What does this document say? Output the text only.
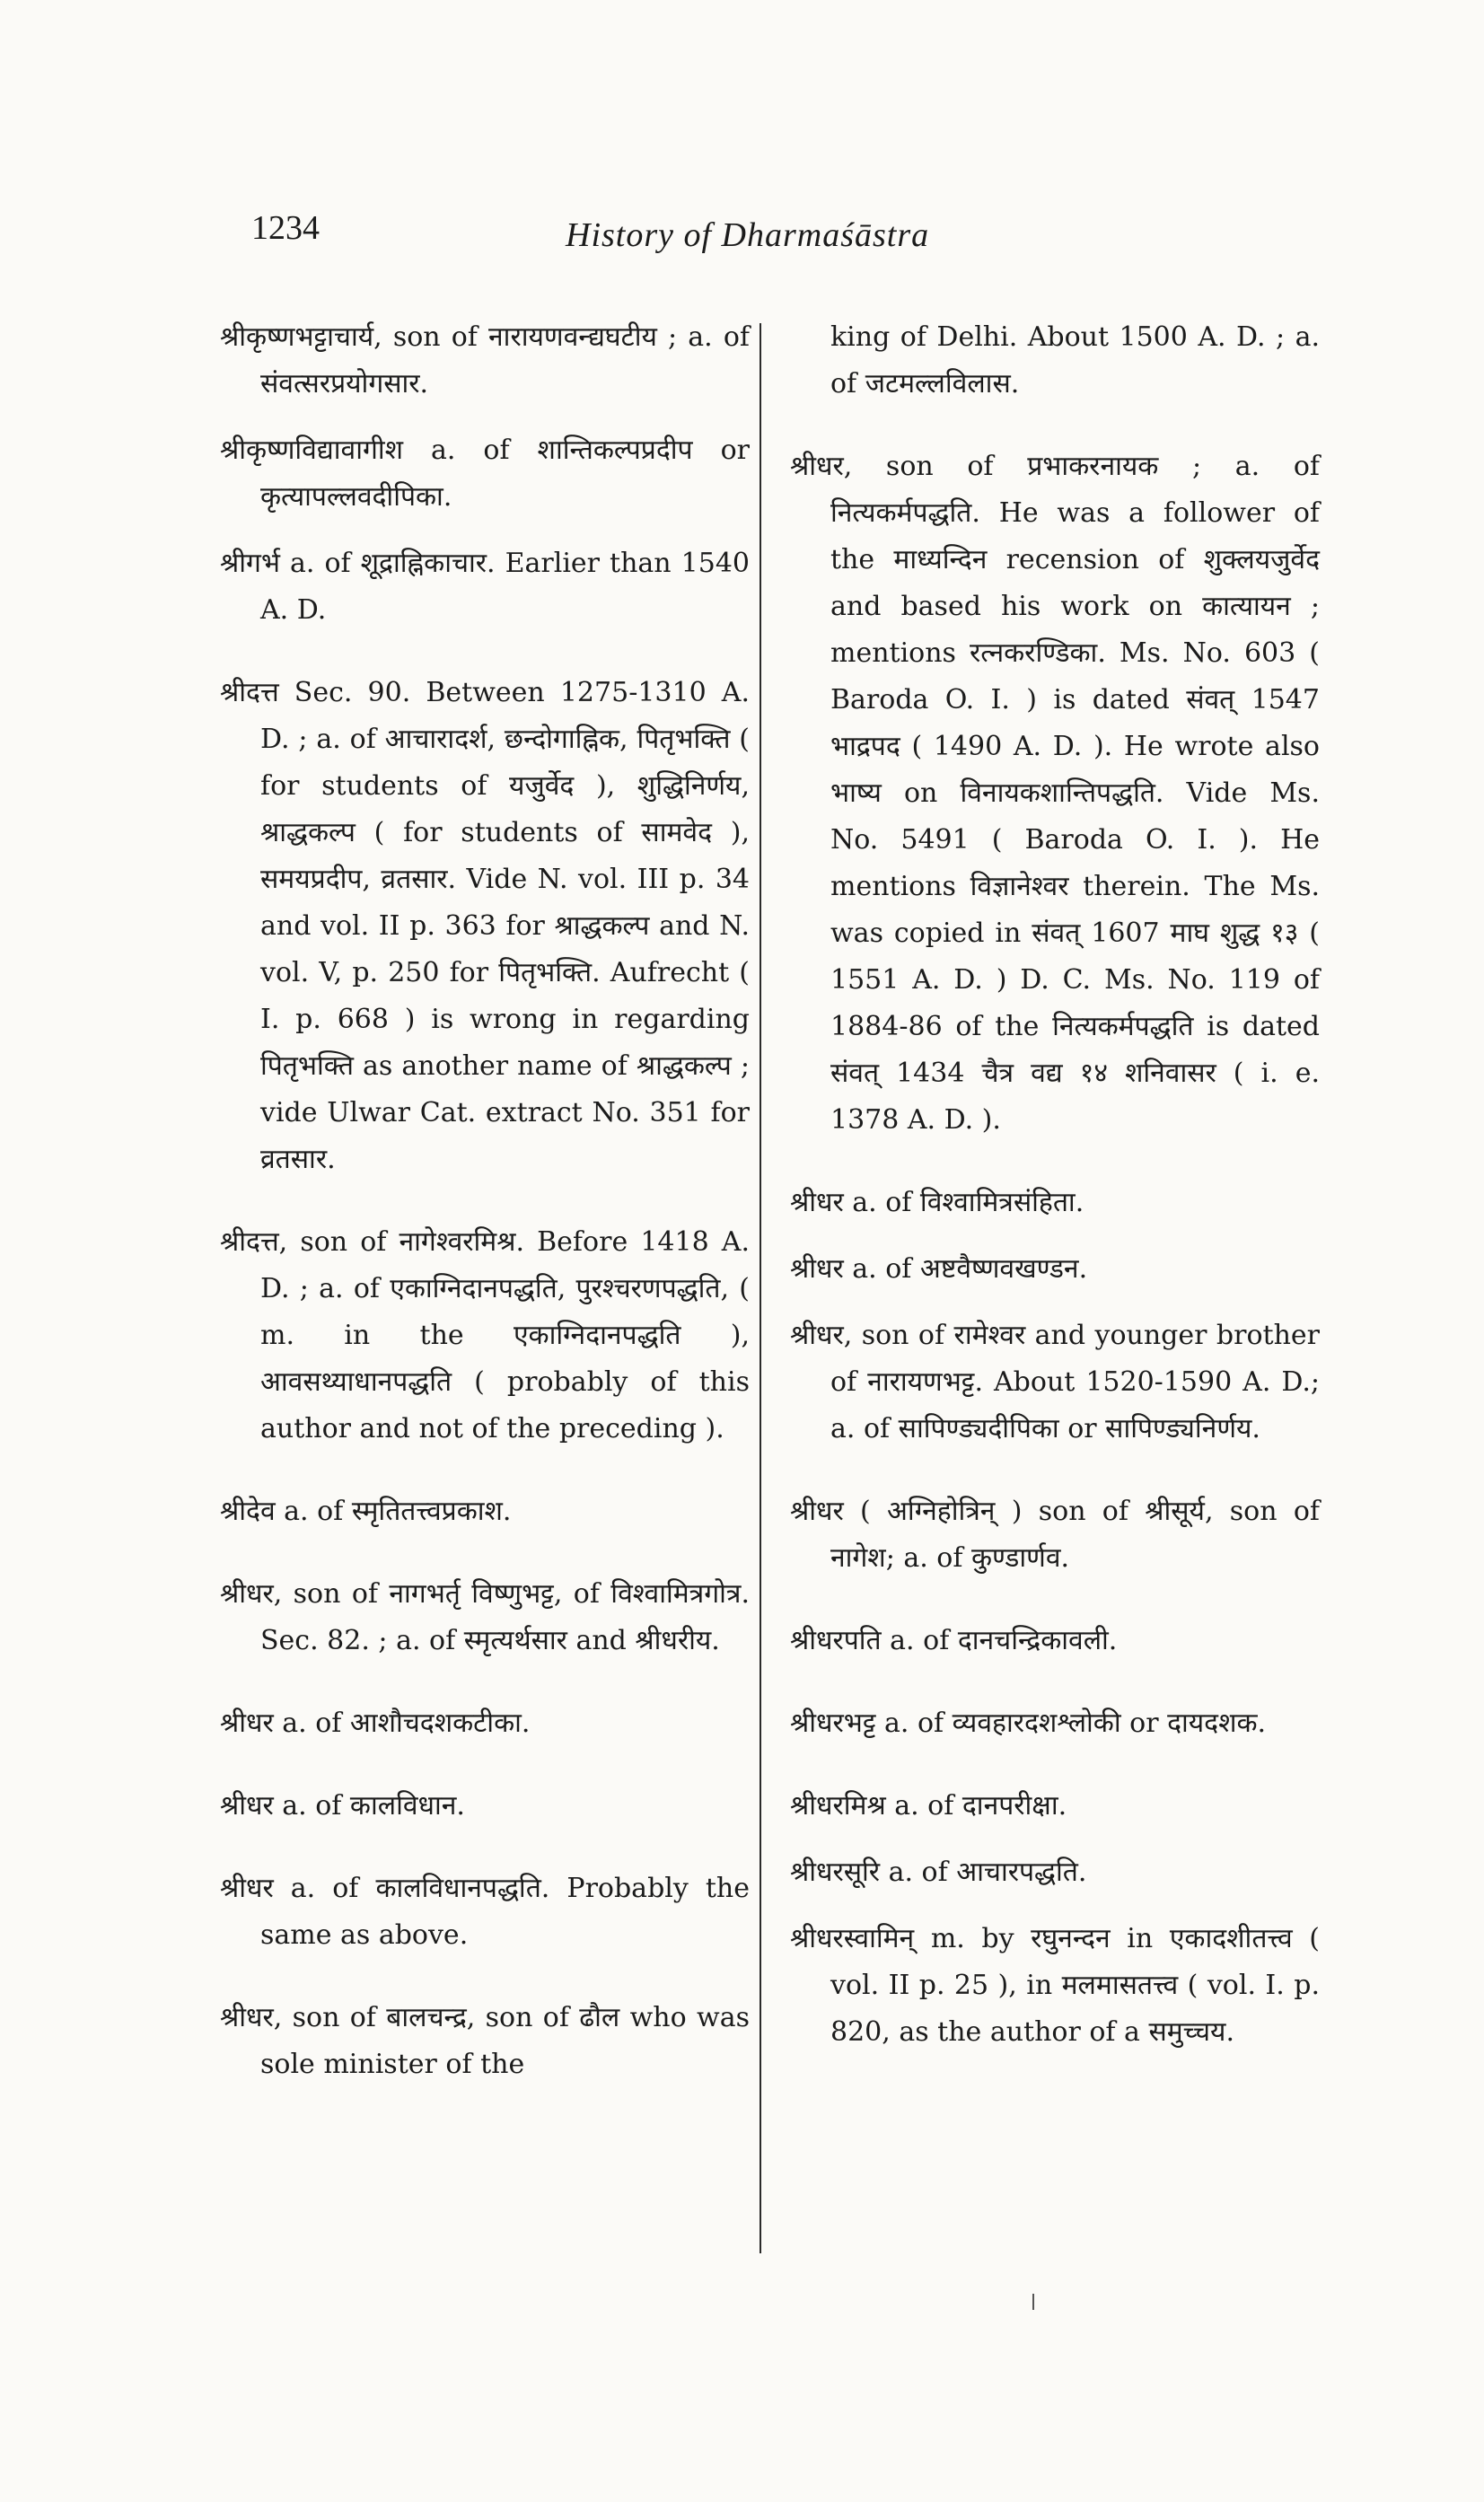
1234	History of Dharmaśāstra

श्रीकृष्णभट्टाचार्य, son of नारायणवन्द्यघटीय ; a. of संवत्सरप्रयोगसार.

श्रीकृष्णविद्यावागीश a. of शान्तिकल्पप्रदीप or कृत्यापल्लवदीपिका.

श्रीगर्भ a. of शूद्राह्निकाचार. Earlier than 1540 A. D.

श्रीदत्त Sec. 90. Between 1275-1310 A. D. ; a. of आचारादर्श, छन्दोगाह्निक, पितृभक्ति ( for students of यजुर्वेद ), शुद्धिनिर्णय, श्राद्धकल्प ( for students of सामवेद ), समयप्रदीप, व्रतसार. Vide N. vol. III p. 34 and vol. II p. 363 for श्राद्धकल्प and N. vol. V, p. 250 for पितृभक्ति. Aufrecht ( I. p. 668 ) is wrong in regarding पितृभक्ति as another name of श्राद्धकल्प ; vide Ulwar Cat. extract No. 351 for व्रतसार.

श्रीदत्त, son of नागेश्वरमिश्र. Before 1418 A. D. ; a. of एकाग्निदानपद्धति, पुरश्चरणपद्धति, ( m. in the एकाग्निदानपद्धति ), आवसथ्याधानपद्धति ( probably of this author and not of the preceding ).

श्रीदेव a. of स्मृतितत्त्वप्रकाश.

श्रीधर, son of नागभर्तृ विष्णुभट्ट, of विश्वामित्रगोत्र. Sec. 82. ; a. of स्मृत्यर्थसार and श्रीधरीय.

श्रीधर a. of आशौचदशकटीका.

श्रीधर a. of कालविधान.

श्रीधर a. of कालविधानपद्धति. Probably the same as above.

श्रीधर, son of बालचन्द्र, son of ढौल who was sole minister of the

king of Delhi. About 1500 A. D. ; a. of जटमल्लविलास.

श्रीधर, son of प्रभाकरनायक ; a. of नित्यकर्मपद्धति. He was a follower of the माध्यन्दिन recension of शुक्लयजुर्वेद and based his work on कात्यायन ; mentions रत्नकरण्डिका. Ms. No. 603 ( Baroda O. I. ) is dated संवत् 1547 भाद्रपद ( 1490 A. D. ). He wrote also भाष्य on विनायकशान्तिपद्धति. Vide Ms. No. 5491 ( Baroda O. I. ). He mentions विज्ञानेश्वर therein. The Ms. was copied in संवत् 1607 माघ शुद्ध १३ ( 1551 A. D. ) D. C. Ms. No. 119 of 1884-86 of the नित्यकर्मपद्धति is dated संवत् 1434 चैत्र वद्य १४ शनिवासर ( i. e. 1378 A. D. ).

श्रीधर a. of विश्वामित्रसंहिता.

श्रीधर a. of अष्टवैष्णवखण्डन.

श्रीधर, son of रामेश्वर and younger brother of नारायणभट्ट. About 1520-1590 A. D.; a. of सापिण्ड्यदीपिका or सापिण्ड्यनिर्णय.

श्रीधर ( अग्निहोत्रिन् ) son of श्रीसूर्य, son of नागेश; a. of कुण्डार्णव.

श्रीधरपति a. of दानचन्द्रिकावली.

श्रीधरभट्ट a. of व्यवहारदशश्लोकी or दायदशक.

श्रीधरमिश्र a. of दानपरीक्षा.

श्रीधरसूरि a. of आचारपद्धति.

श्रीधरस्वामिन् m. by रघुनन्दन in एकादशीतत्त्व ( vol. II p. 25 ), in मलमासतत्त्व ( vol. I. p. 820, as the author of a समुच्चय.
